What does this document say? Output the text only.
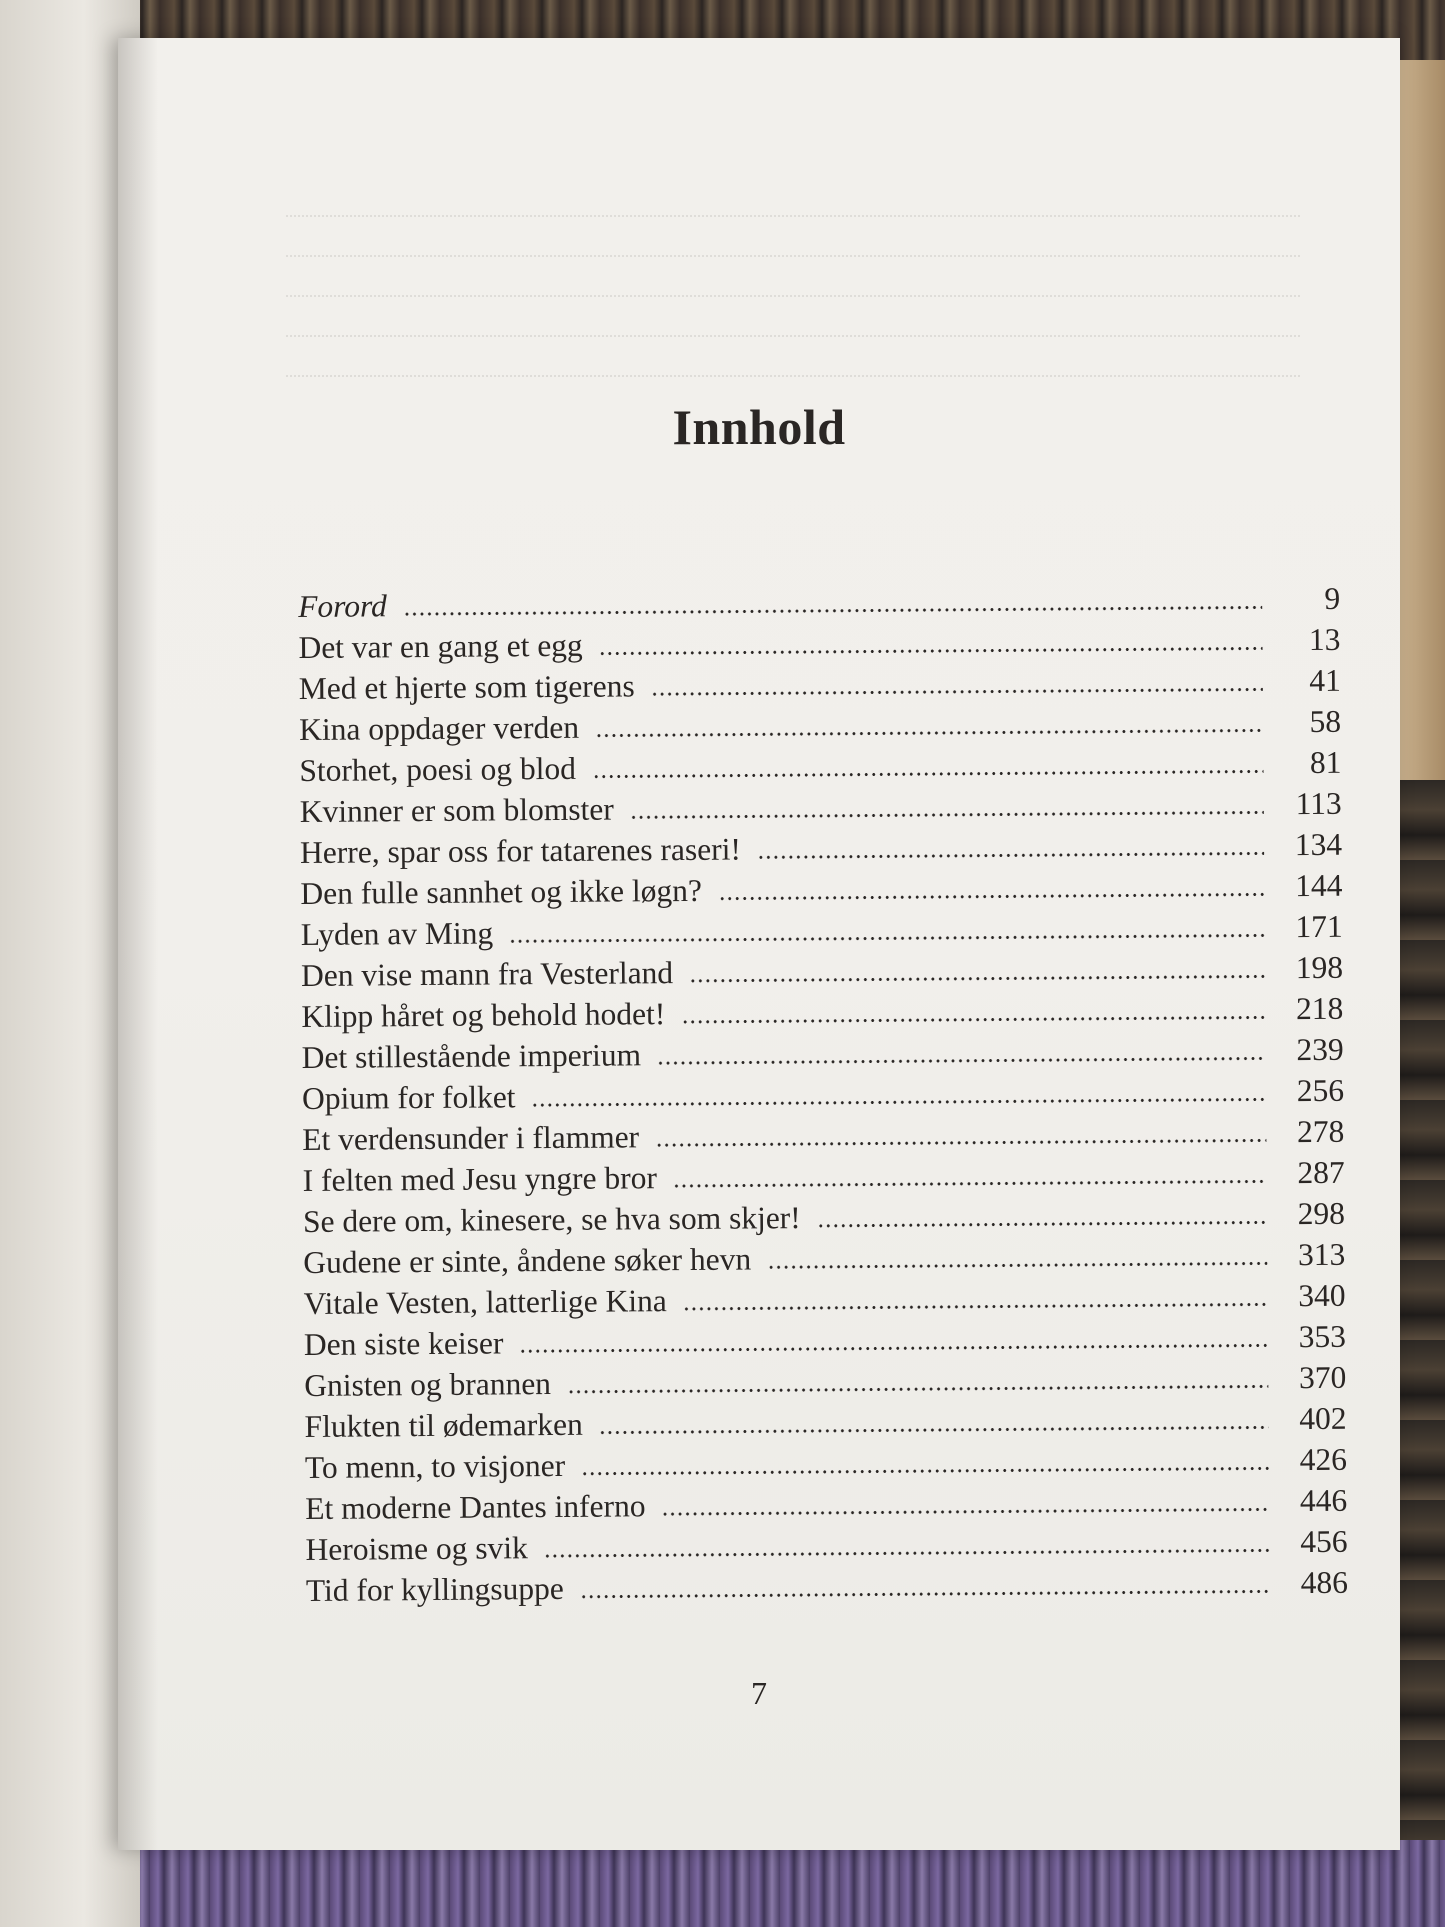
Innhold
Forord	9
Det var en gang et egg	13
Med et hjerte som tigerens	41
Kina oppdager verden	58
Storhet, poesi og blod	81
Kvinner er som blomster	113
Herre, spar oss for tatarenes raseri!	134
Den fulle sannhet og ikke løgn?	144
Lyden av Ming	171
Den vise mann fra Vesterland	198
Klipp håret og behold hodet!	218
Det stillestående imperium	239
Opium for folket	256
Et verdensunder i flammer	278
I felten med Jesu yngre bror	287
Se dere om, kinesere, se hva som skjer!	298
Gudene er sinte, åndene søker hevn	313
Vitale Vesten, latterlige Kina	340
Den siste keiser	353
Gnisten og brannen	370
Flukten til ødemarken	402
To menn, to visjoner	426
Et moderne Dantes inferno	446
Heroisme og svik	456
Tid for kyllingsuppe	486
7
